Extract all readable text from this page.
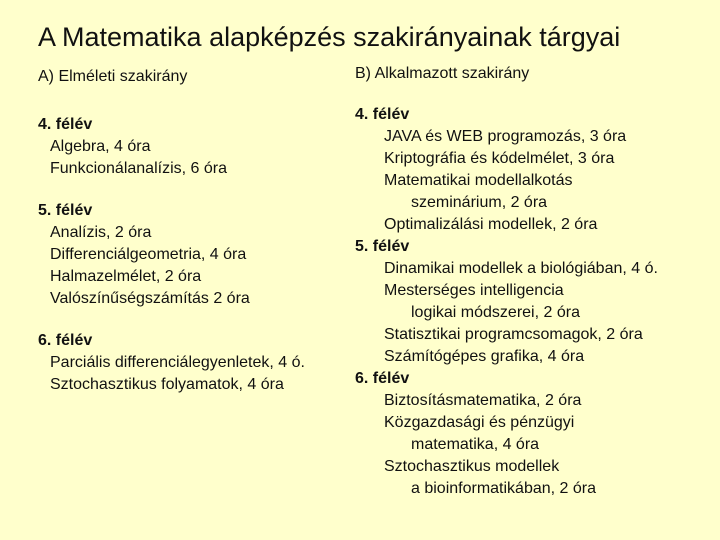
A Matematika alapképzés szakirányainak tárgyai
A) Elméleti szakirány
4. félév
Algebra, 4 óra
Funkcionálanalízis, 6 óra
5. félév
Analízis, 2 óra
Differenciálgeometria, 4 óra
Halmazelmélet, 2 óra
Valószínűségszámítás 2 óra
6. félév
Parciális differenciálegyenletek, 4 ó.
Sztochasztikus folyamatok, 4 óra
B) Alkalmazott szakirány
4. félév
JAVA és WEB programozás, 3 óra
Kriptográfia és kódelmélet, 3 óra
Matematikai modellalkotás
szeminárium, 2 óra
Optimalizálási modellek, 2 óra
5. félév
Dinamikai modellek a biológiában, 4 ó.
Mesterséges intelligencia
logikai módszerei, 2 óra
Statisztikai programcsomagok, 2 óra
Számítógépes grafika, 4 óra
6. félév
Biztosításmatematika, 2 óra
Közgazdasági és pénzügyi
matematika, 4 óra
Sztochasztikus modellek
a bioinformatikában, 2 óra
